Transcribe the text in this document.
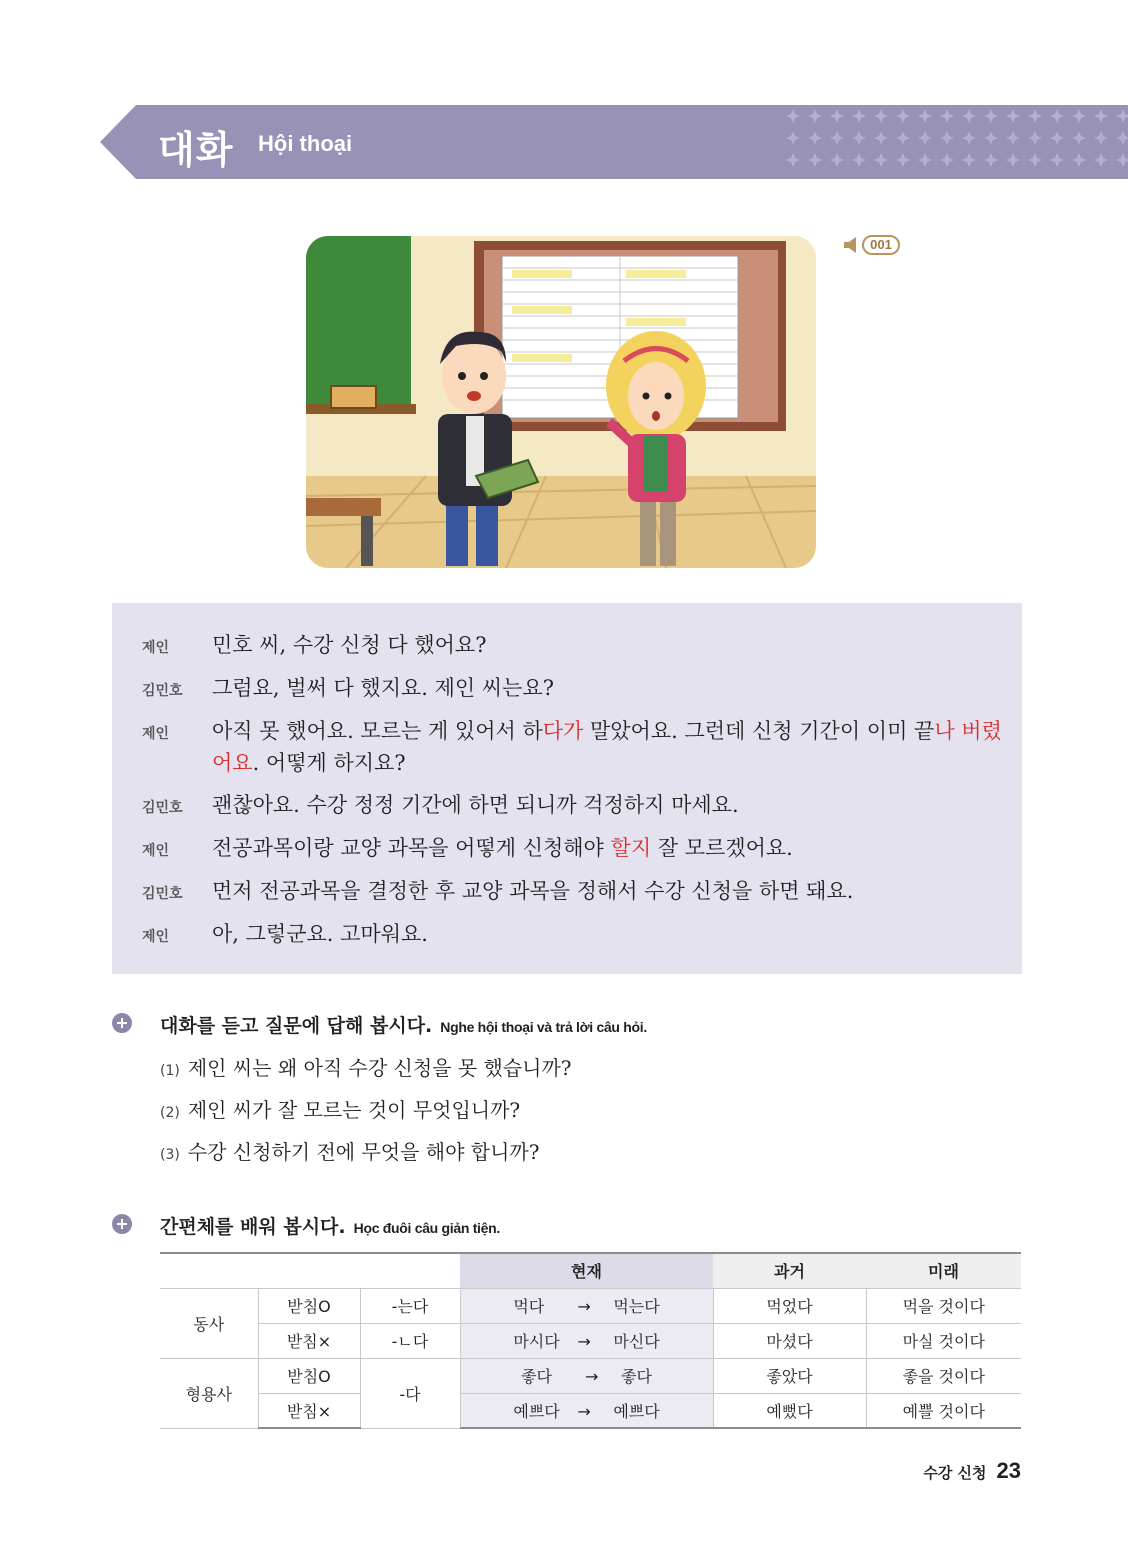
대화 Hội thoại
001
제인 민호 씨, 수강 신청 다 했어요?
김민호 그럼요, 벌써 다 했지요. 제인 씨는요?
제인 아직 못 했어요. 모르는 게 있어서 하다가 말았어요. 그런데 신청 기간이 이미 끝나 버렸
어요. 어떻게 하지요?
김민호 괜찮아요. 수강 정정 기간에 하면 되니까 걱정하지 마세요.
제인 전공과목이랑 교양 과목을 어떻게 신청해야 할지 잘 모르겠어요.
김민호 먼저 전공과목을 결정한 후 교양 과목을 정해서 수강 신청을 하면 돼요.
제인 아, 그렇군요. 고마워요.
대화를 듣고 질문에 답해 봅시다. Nghe hội thoại và trả lời câu hỏi.
(1) 제인 씨는 왜 아직 수강 신청을 못 했습니까?
(2) 제인 씨가 잘 모르는 것이 무엇입니까?
(3) 수강 신청하기 전에 무엇을 해야 합니까?
간편체를 배워 봅시다. Học đuôi câu giản tiện.
			현재	과거	미래
동사	받침O	-는다	먹다 → 먹는다	먹었다	먹을 것이다
	받침×	-ㄴ다	마시다 → 마신다	마셨다	마실 것이다
형용사	받침O	-다	좋다 → 좋다	좋았다	좋을 것이다
	받침×		예쁘다 → 예쁘다	예뻤다	예쁠 것이다
수강 신청 23
